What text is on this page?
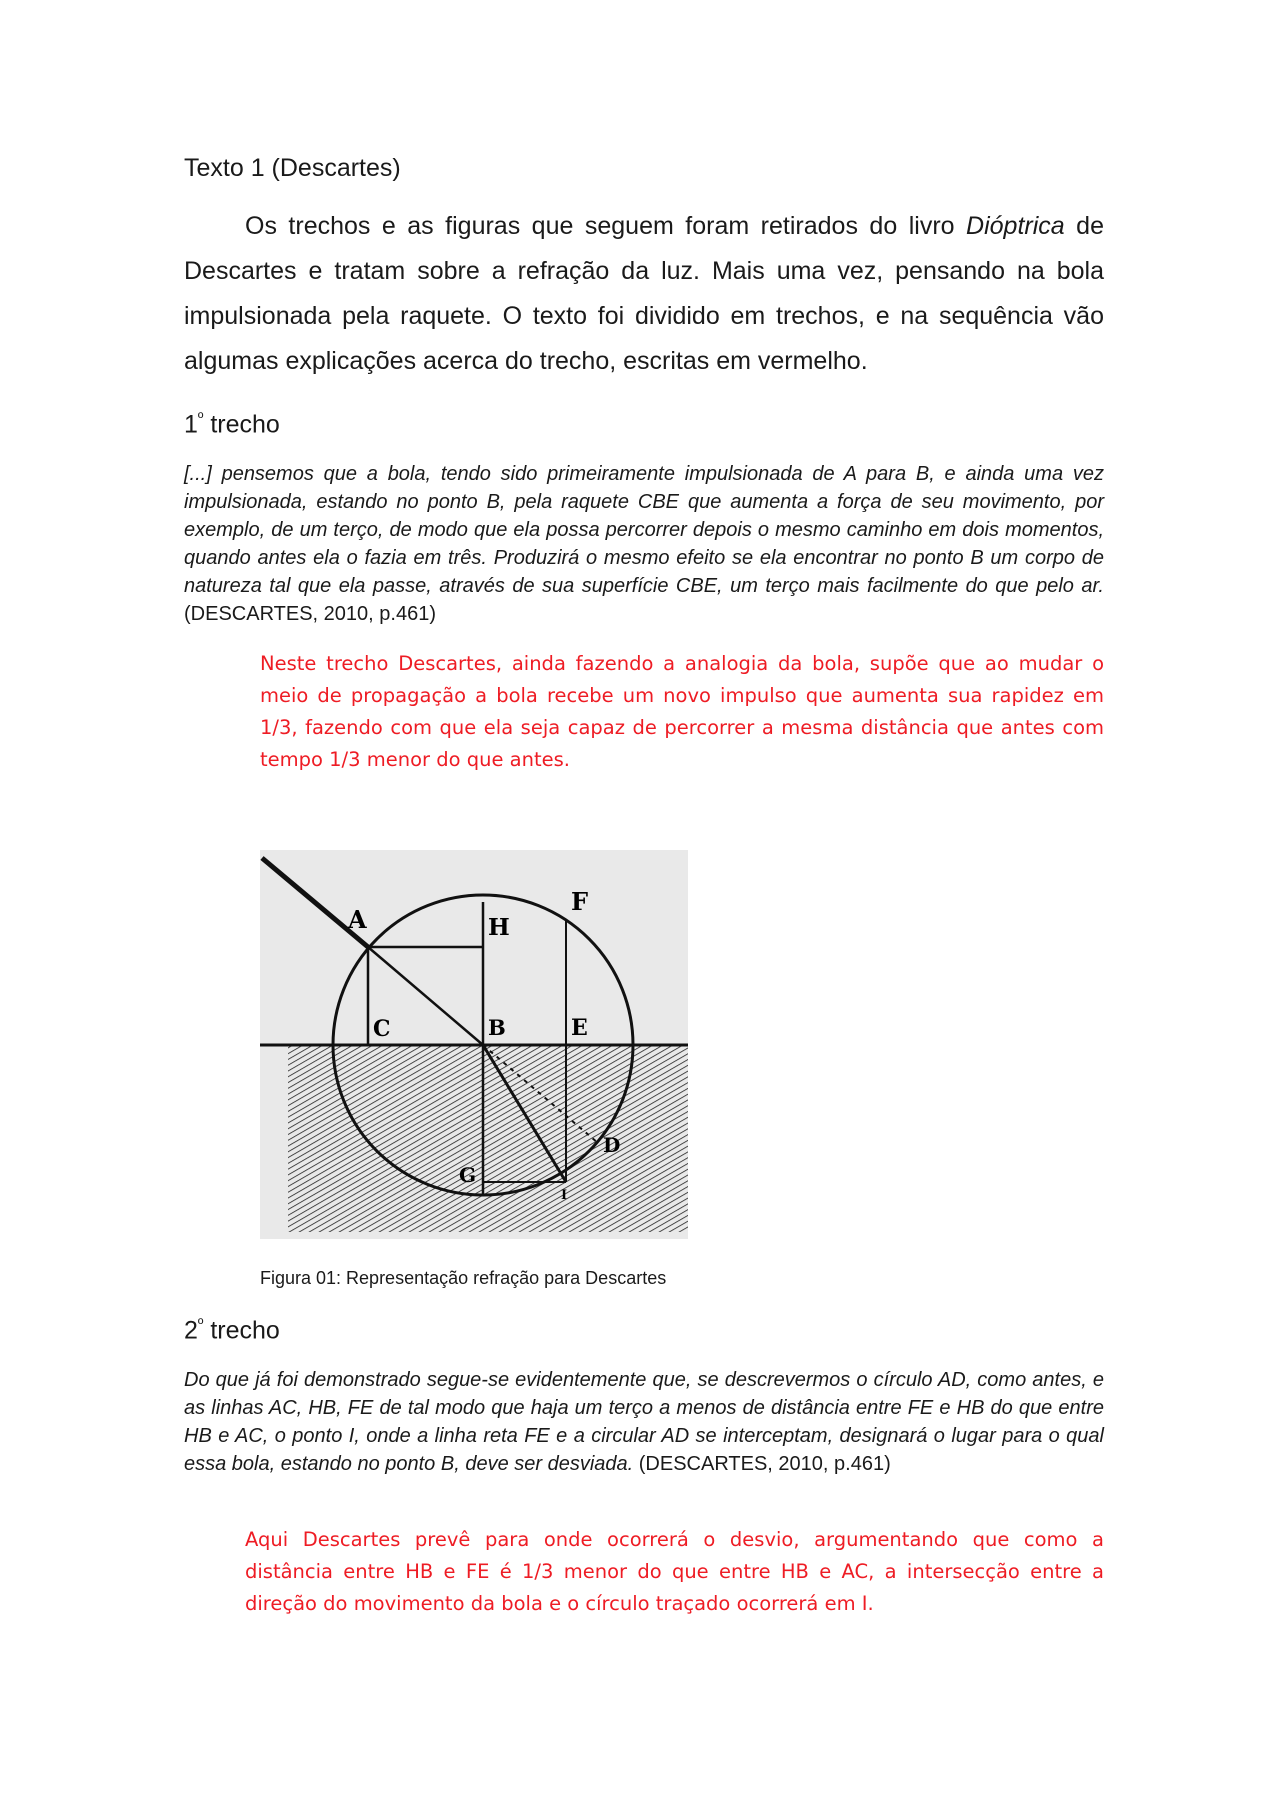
Texto 1 (Descartes)
Os trechos e as figuras que seguem foram retirados do livro Dióptrica de Descartes e tratam sobre a refração da luz. Mais uma vez, pensando na bola impulsionada pela raquete. O texto foi dividido em trechos, e na sequência vão algumas explicações acerca do trecho, escritas em vermelho.
$1^º$ trecho
[...] pensemos que a bola, tendo sido primeiramente impulsionada de A para B, e ainda uma vez impulsionada, estando no ponto B, pela raquete CBE que aumenta a força de seu movimento, por exemplo, de um terço, de modo que ela possa percorrer depois o mesmo caminho em dois momentos, quando antes ela o fazia em três. Produzirá o mesmo efeito se ela encontrar no ponto B um corpo de natureza tal que ela passe, através de sua superfície CBE, um terço mais facilmente do que pelo ar. (DESCARTES, 2010, p.461)
Neste trecho Descartes, ainda fazendo a analogia da bola, supõe que ao mudar o meio de propagação a bola recebe um novo impulso que aumenta sua rapidez em 1/3, fazendo com que ela seja capaz de percorrer a mesma distância que antes com tempo 1/3 menor do que antes.
A	H
F
C	B	E
G
D
I
Figura 01: Representação refração para Descartes
$2^º$ trecho
Do que já foi demonstrado segue-se evidentemente que, se descrevermos o círculo AD, como antes, e as linhas AC, HB, FE de tal modo que haja um terço a menos de distância entre FE e HB do que entre HB e AC, o ponto I, onde a linha reta FE e a circular AD se interceptam, designará o lugar para o qual essa bola, estando no ponto B, deve ser desviada. (DESCARTES, 2010, p.461)
Aqui Descartes prevê para onde ocorrerá o desvio, argumentando que como a distância entre HB e FE é 1/3 menor do que entre HB e AC, a intersecção entre a direção do movimento da bola e o círculo traçado ocorrerá em I.
